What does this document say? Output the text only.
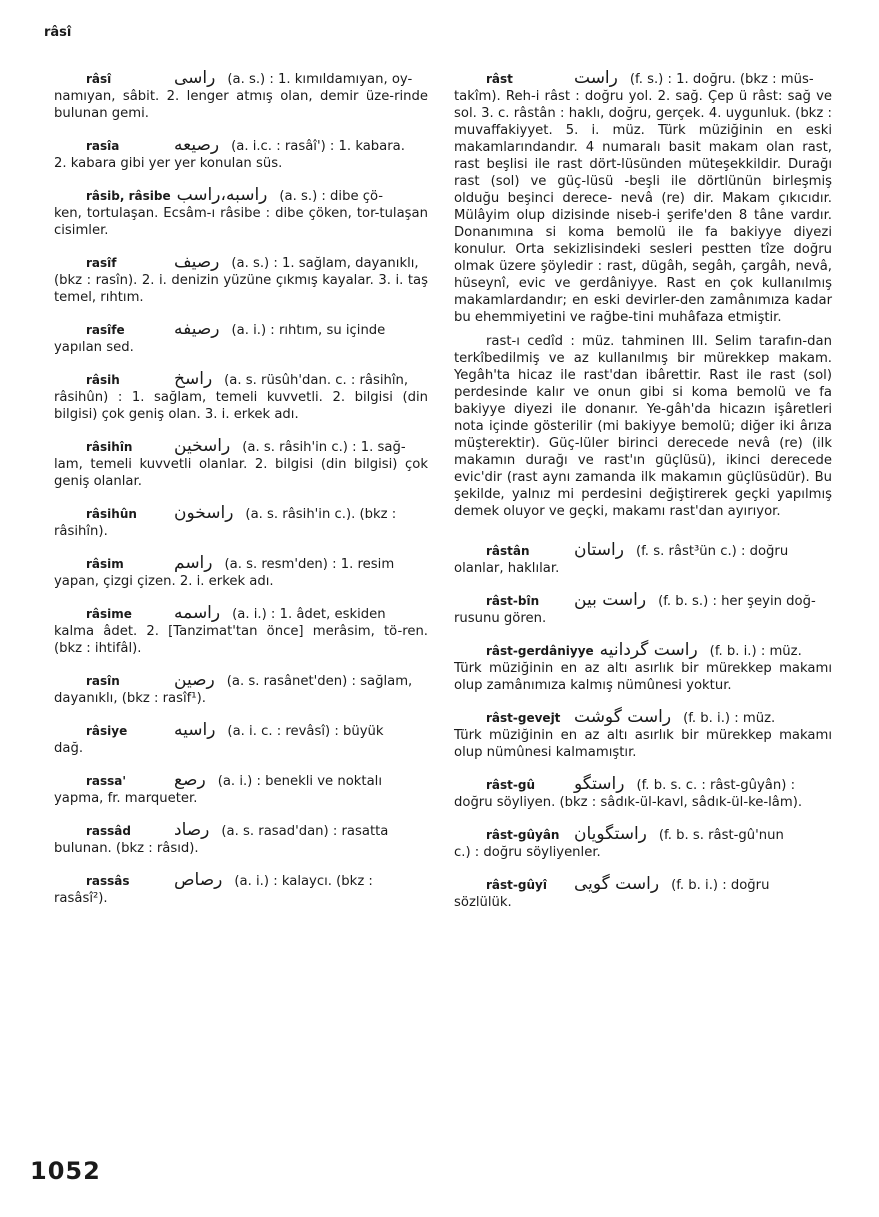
râsî
râsî	راسی (a. s.) : 1. kımıldamıyan, oy-
namıyan, sâbit. 2. lenger atmış olan, demir üze-rinde bulunan gemi.
rasîa	رصیعه (a. i.c. : rasâî') : 1. kabara.
2. kabara gibi yer yer konulan süs.
râsib, râsibe راسبه،راسب (a. s.) : dibe çö-
ken, tortulaşan. Ecsâm-ı râsibe : dibe çöken, tor-tulaşan cisimler.
rasîf	رصیف (a. s.) : 1. sağlam, dayanıklı,
(bkz : rasîn). 2. i. denizin yüzüne çıkmış kayalar. 3. i. taş temel, rıhtım.
rasîfe	رصیفه (a. i.) : rıhtım, su içinde
yapılan sed.
râsih	راسخ (a. s. rüsûh'dan. c. : râsihîn,
râsihûn) : 1. sağlam, temeli kuvvetli. 2. bilgisi (din bilgisi) çok geniş olan. 3. i. erkek adı.
râsihîn	راسخین (a. s. râsih'in c.) : 1. sağ-
lam, temeli kuvvetli olanlar. 2. bilgisi (din bilgisi) çok geniş olanlar.
râsihûn	راسخون (a. s. râsih'in c.). (bkz :
râsihîn).
râsim	راسم (a. s. resm'den) : 1. resim
yapan, çizgi çizen. 2. i. erkek adı.
râsime	راسمه (a. i.) : 1. âdet, eskiden
kalma âdet. 2. [Tanzimat'tan önce] merâsim, tö-ren. (bkz : ihtifâl).
rasîn	رصین (a. s. rasânet'den) : sağlam,
dayanıklı, (bkz : rasîf¹).
râsiye	راسیه (a. i. c. : revâsî) : büyük
dağ.
rassa'	رصع (a. i.) : benekli ve noktalı
yapma, fr. marqueter.
rassâd	رصاد (a. s. rasad'dan) : rasatta
bulunan. (bkz : râsıd).
rassâs	رصاص (a. i.) : kalaycı. (bkz :
rasâsî²).
râst	راست (f. s.) : 1. doğru. (bkz : müs-
takîm). Reh-i râst : doğru yol. 2. sağ. Çep ü râst: sağ ve sol. 3. c. râstân : haklı, doğru, gerçek. 4. uygunluk. (bkz : muvaffakiyyet. 5. i. müz. Türk müziğinin en eski makamlarındandır. 4 numaralı basit makam olan rast, rast beşlisi ile rast dört-lüsünden müteşekkildir. Durağı rast (sol) ve güç-lüsü -beşli ile dörtlünün birleşmiş olduğu beşinci derece- nevâ (re) dir. Makam çıkıcıdır. Mülâyim olup dizisinde niseb-i şerife'den 8 tâne vardır. Donanımına si koma bemolü ile fa bakiyye diyezi konulur. Orta sekizlisindeki sesleri pestten tîze doğru olmak üzere şöyledir : rast, dügâh, segâh, çargâh, nevâ, hüseynî, evic ve gerdâniyye. Rast en çok kullanılmış makamlardandır; en eski devirler-den zamânımıza kadar bu ehemmiyetini ve rağbe-tini muhâfaza etmiştir.

rast-ı cedîd : müz. tahminen III. Selim tarafın-dan terkîbedilmiş ve az kullanılmış bir mürekkep makam. Yegâh'ta hicaz ile rast'dan ibârettir. Rast ile rast (sol) perdesinde kalır ve onun gibi si koma bemolü ve fa bakiyye diyezi ile donanır. Ye-gâh'da hicazın işâretleri nota içinde gösterilir (mi bakiyye bemolü; diğer iki ârıza müşterektir). Güç-lüler birinci derecede nevâ (re) (ilk makamın durağı ve rast'ın güçlüsü), ikinci derecede evic'dir (rast aynı zamanda ilk makamın güçlüsüdür). Bu şekilde, yalnız mi perdesini değiştirerek geçki yapılmış demek oluyor ve geçki, makamı rast'dan ayırıyor.

râstân	راستان (f. s. râst³ün c.) : doğru
olanlar, haklılar.
râst-bîn	راست بین (f. b. s.) : her şeyin doğ-
rusunu gören.
râst-gerdâniyye راست گردانیه (f. b. i.) : müz.
Türk müziğinin en az altı asırlık bir mürekkep makamı olup zamânımıza kalmış nümûnesi yoktur.
râst-gevejt راست گوشت (f. b. i.) : müz.
Türk müziğinin en az altı asırlık bir mürekkep makamı olup nümûnesi kalmamıştır.
râst-gû	راستگو (f. b. s. c. : râst-gûyân) :
doğru söyliyen. (bkz : sâdık-ül-kavl, sâdık-ül-ke-lâm).
râst-gûyân راستگویان (f. b. s. râst-gû'nun
c.) : doğru söyliyenler.
râst-gûyî	راست گویی (f. b. i.) : doğru
sözlülük.
1052
